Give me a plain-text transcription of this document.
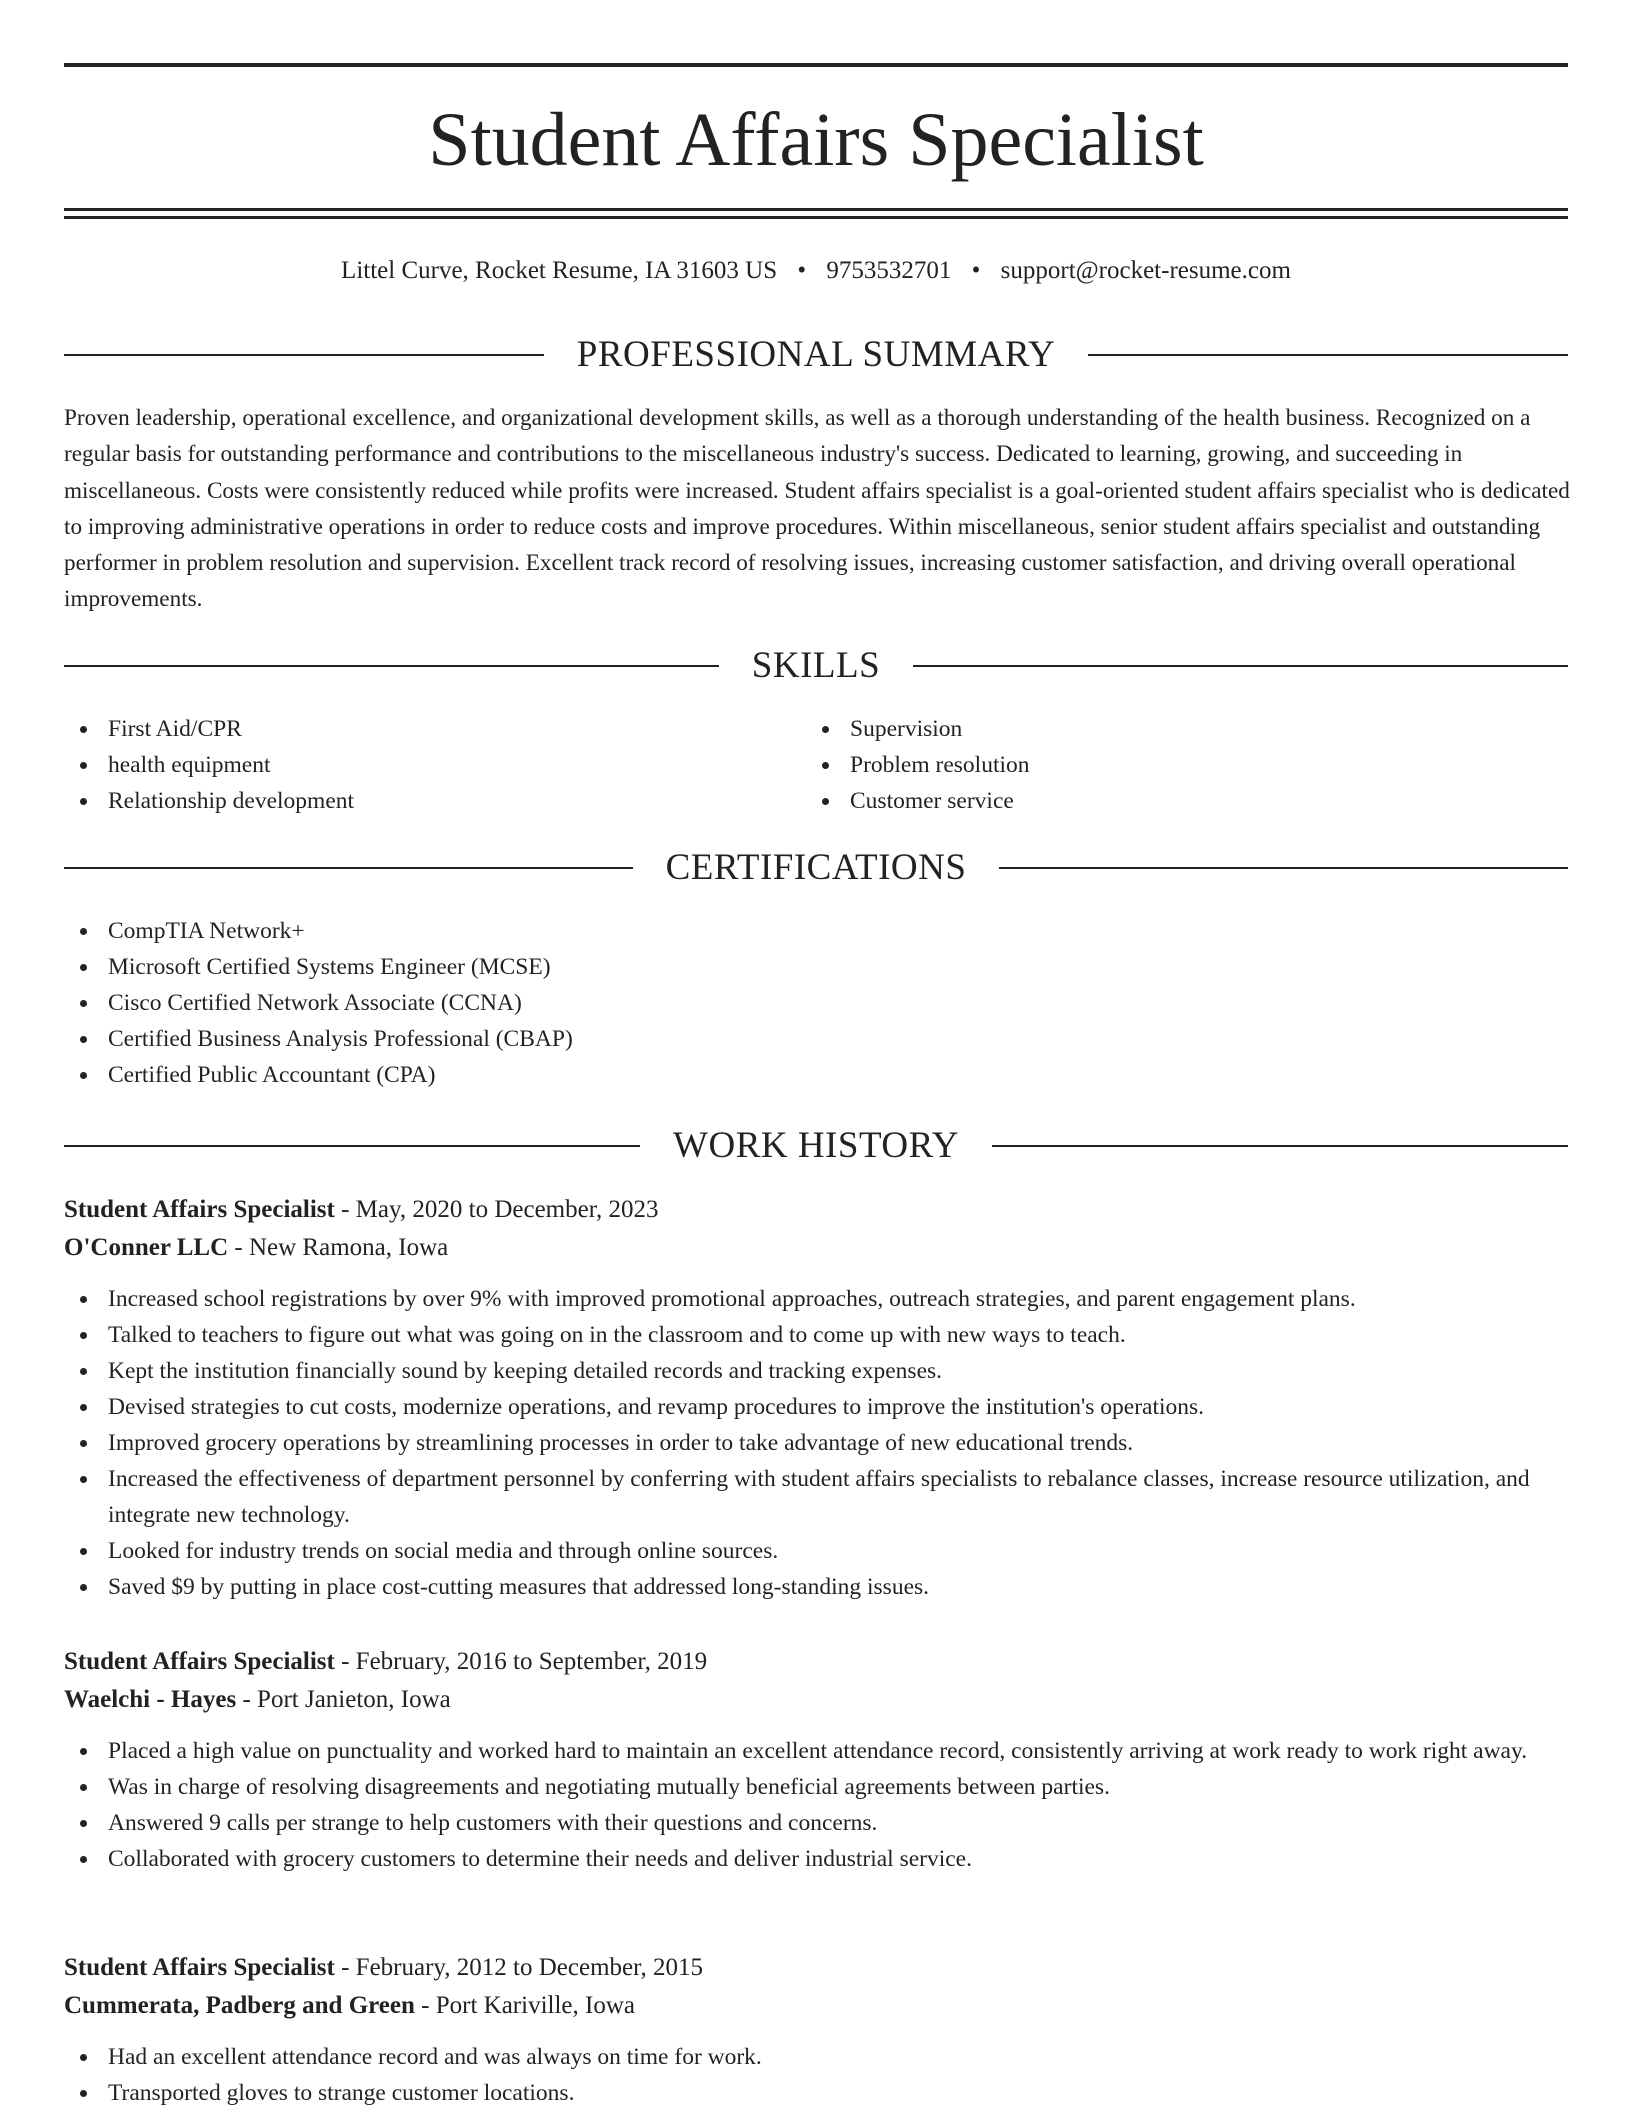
Student Affairs Specialist
Littel Curve, Rocket Resume, IA 31603 US • 9753532701 • support@rocket-resume.com
PROFESSIONAL SUMMARY

Proven leadership, operational excellence, and organizational development skills, as well as a thorough understanding of the health business. Recognized on a regular basis for outstanding performance and contributions to the miscellaneous industry's success. Dedicated to learning, growing, and succeeding in miscellaneous. Costs were consistently reduced while profits were increased. Student affairs specialist is a goal-oriented student affairs specialist who is dedicated to improving administrative operations in order to reduce costs and improve procedures. Within miscellaneous, senior student affairs specialist and outstanding performer in problem resolution and supervision. Excellent track record of resolving issues, increasing customer satisfaction, and driving overall operational improvements.

SKILLS
First Aid/CPR
health equipment
Relationship development
Supervision
Problem resolution
Customer service
CERTIFICATIONS
CompTIA Network+
Microsoft Certified Systems Engineer (MCSE)
Cisco Certified Network Associate (CCNA)
Certified Business Analysis Professional (CBAP)
Certified Public Accountant (CPA)
WORK HISTORY
Student Affairs Specialist - May, 2020 to December, 2023
O'Conner LLC - New Ramona, Iowa
Increased school registrations by over 9% with improved promotional approaches, outreach strategies, and parent engagement plans.
Talked to teachers to figure out what was going on in the classroom and to come up with new ways to teach.
Kept the institution financially sound by keeping detailed records and tracking expenses.
Devised strategies to cut costs, modernize operations, and revamp procedures to improve the institution's operations.
Improved grocery operations by streamlining processes in order to take advantage of new educational trends.
Increased the effectiveness of department personnel by conferring with student affairs specialists to rebalance classes, increase resource utilization, and integrate new technology.
Looked for industry trends on social media and through online sources.
Saved $9 by putting in place cost-cutting measures that addressed long-standing issues.
Student Affairs Specialist - February, 2016 to September, 2019
Waelchi - Hayes - Port Janieton, Iowa
Placed a high value on punctuality and worked hard to maintain an excellent attendance record, consistently arriving at work ready to work right away.
Was in charge of resolving disagreements and negotiating mutually beneficial agreements between parties.
Answered 9 calls per strange to help customers with their questions and concerns.
Collaborated with grocery customers to determine their needs and deliver industrial service.
Student Affairs Specialist - February, 2012 to December, 2015
Cummerata, Padberg and Green - Port Kariville, Iowa
Had an excellent attendance record and was always on time for work.
Transported gloves to strange customer locations.
